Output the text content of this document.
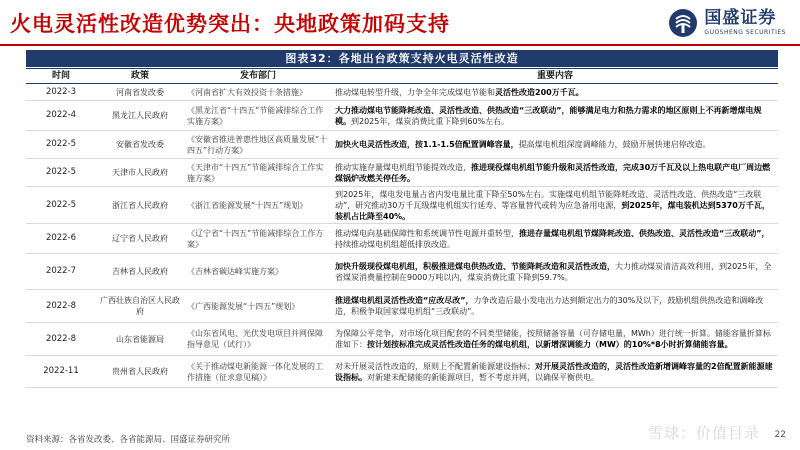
火电灵活性改造优势突出：央地政策加码支持	国盛证券
GUOSHENG SECURITIES
图表32：各地出台政策支持火电灵活性改造
时间	政策	发布部门	重要内容
2022-3	河南省发改委	《河南省扩大有效投资十条措施》	推动煤电转型升级，力争全年完成煤电节能和灵活性改造200万千瓦。
2022-4	黑龙江人民政府	《黑龙江省“十四五”节能减排综合工作实施方案》	大力推动煤电节能降耗改造、灵活性改造、供热改造“三改联动”，能够满足电力和热力需求的地区原则上不再新增煤电规模。到2025年，煤炭消费比重下降到60%左右。
2022-5	安徽省发改委	《安徽省推进普惠性地区高质量发展“十四五”行动方案》	加快火电灵活性改造，按1.1-1.5倍配置调峰容量，提高煤电机组深度调峰能力，鼓励开展快速启停改造。
2022-5	天津市人民政府	《天津市“十四五”节能减排综合工作实施方案》	推动实施存量煤电机组节能提效改造，推进现役煤电机组节能升级和灵活性改造，完成30万千瓦及以上热电联产电厂周边燃煤锅炉改燃关停任务。
2022-5	浙江省人民政府	《浙江省能源发展“十四五”规划》	到2025年，煤电发电量占省内发电量比重下降至50%左右。实施煤电机组节能降耗改造、灵活性改造、供热改造“三改联动”，研究推动30万千瓦级煤电机组实行延寿、等容量替代或转为应急备用电源，到2025年，煤电装机达到5370万千瓦，装机占比降至40%。
2022-6	辽宁省人民政府	《辽宁省“十四五”节能减排综合工作方案》	推动煤电向基础保障性和系统调节性电源并重转型，推进存量煤电机组节煤降耗改造、供热改造、灵活性改造“三改联动”，持续推动煤电机组超低排放改造。
2022-7	吉林省人民政府	《吉林省碳达峰实施方案》	加快升级现役煤电机组，积极推进煤电供热改造、节能降耗改造和灵活性改造，大力推动煤炭清洁高效利用，到2025年，全省煤炭消费量控制在9000万吨以内，煤炭消费比重下降到59.7%。
2022-8	广西壮族自治区人民政府	《广西能源发展“十四五”规划》	推进煤电机组灵活性改造“应改尽改”，力争改造后最小发电出力达到额定出力的30%及以下，鼓励机组供热改造和调峰改造，积极争取国家煤电机组“三改联动”。
2022-8	山东省能源局	《山东省风电、光伏发电项目并网保障指导意见（试行）》	为保障公平竞争，对市场化项目配套的不同类型储能，按照储备容量（可存储电量，MWh）进行统一折算。储能容量折算标准如下：按计划按标准完成灵活性改造任务的煤电机组，以新增深调能力（MW）的10%*8小时折算储能容量。
2022-11	贵州省人民政府	《关于推动煤电新能源一体化发展的工作措施（征求意见稿）》	对未开展灵活性改造的，原则上不配置新能源建设指标；对开展灵活性改造的，灵活性改造新增调峰容量的2倍配置新能源建设指标。对新建未配储能的新能源项目，暂不考虑并网，以确保平衡供电。
资料来源：各省发改委、各省能源局、国盛证券研究所	雪球：价值目录 22
